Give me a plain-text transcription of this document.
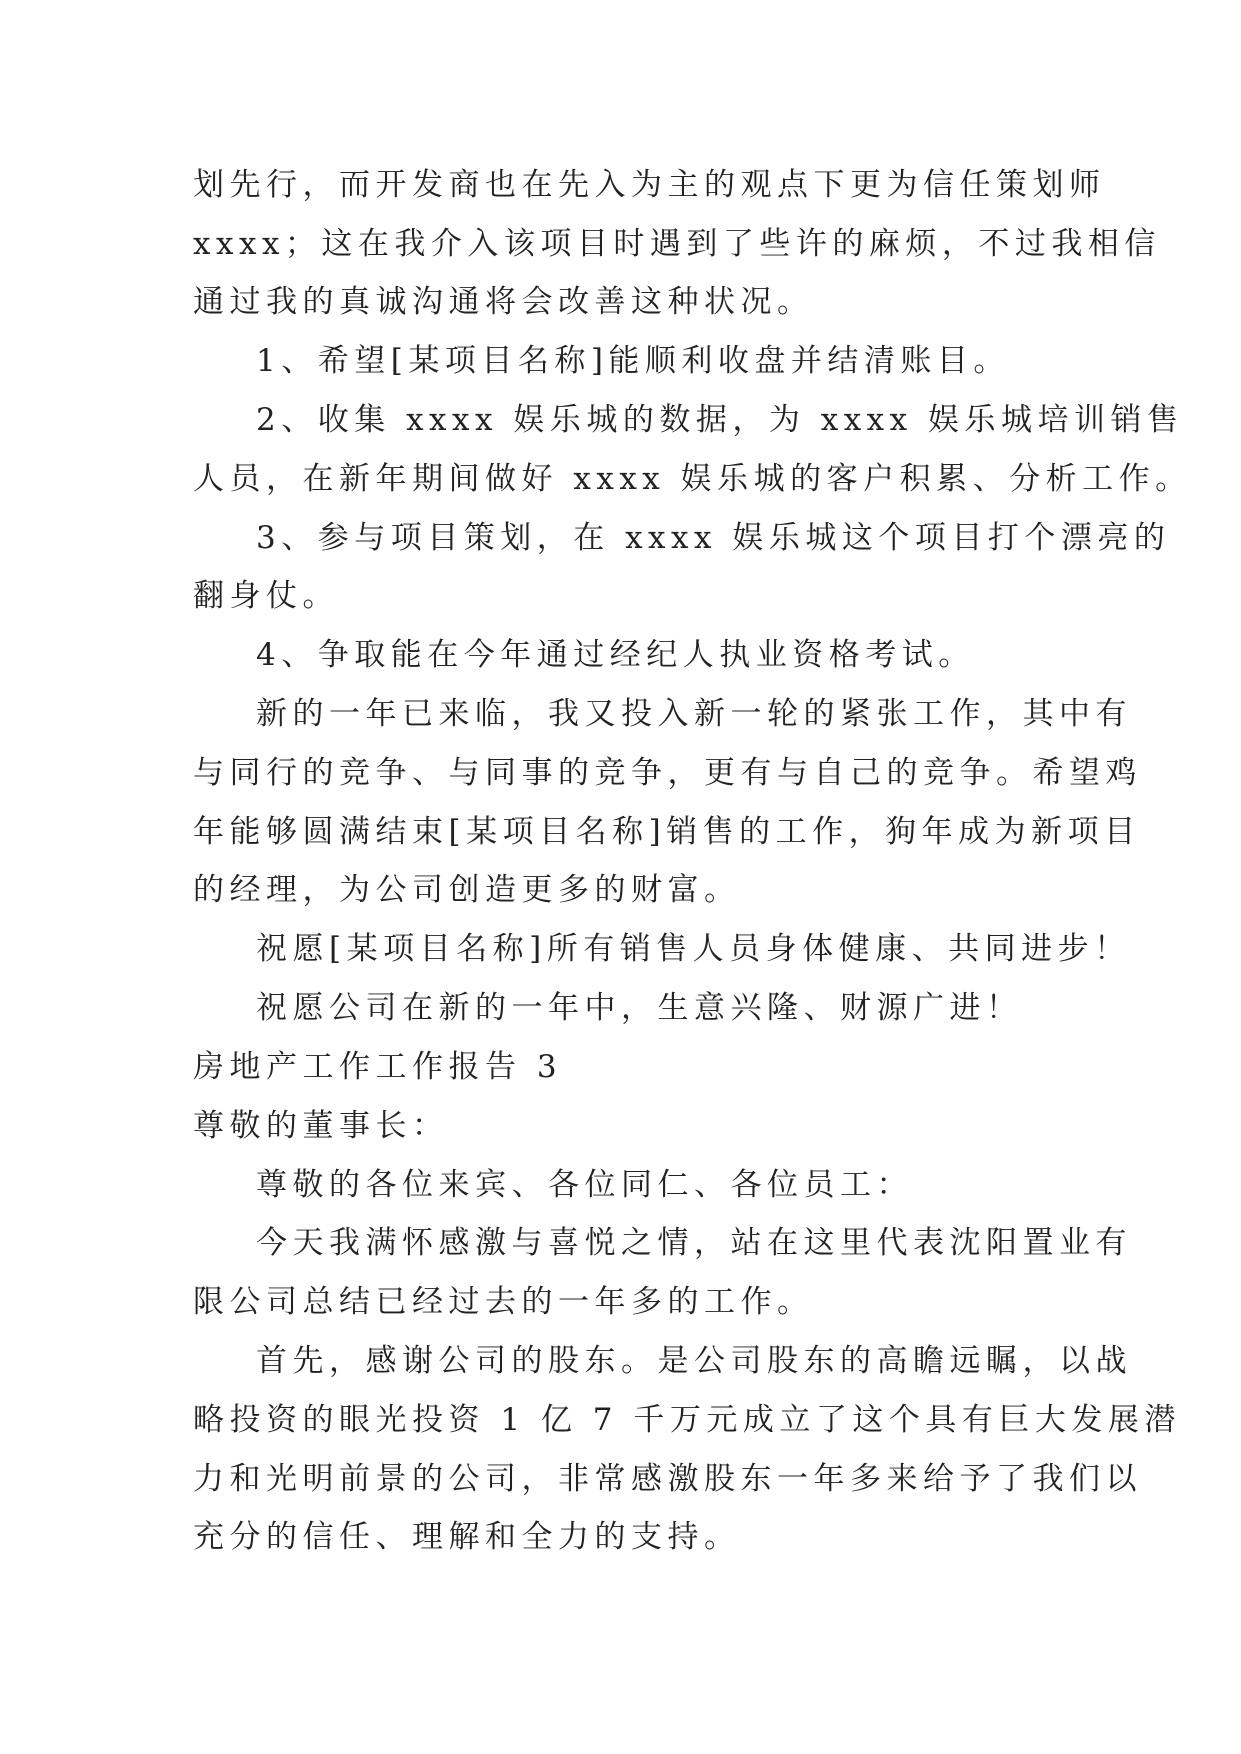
划先行，而开发商也在先入为主的观点下更为信任策划师
xxxx；这在我介入该项目时遇到了些许的麻烦，不过我相信
通过我的真诚沟通将会改善这种状况。
1、希望[某项目名称]能顺利收盘并结清账目。
2、收集 xxxx 娱乐城的数据，为 xxxx 娱乐城培训销售
人员，在新年期间做好 xxxx 娱乐城的客户积累、分析工作。
3、参与项目策划，在 xxxx 娱乐城这个项目打个漂亮的
翻身仗。
4、争取能在今年通过经纪人执业资格考试。
新的一年已来临，我又投入新一轮的紧张工作，其中有
与同行的竞争、与同事的竞争，更有与自己的竞争。希望鸡
年能够圆满结束[某项目名称]销售的工作，狗年成为新项目
的经理，为公司创造更多的财富。
祝愿[某项目名称]所有销售人员身体健康、共同进步！
祝愿公司在新的一年中，生意兴隆、财源广进！
房地产工作工作报告 3
尊敬的董事长：
尊敬的各位来宾、各位同仁、各位员工：
今天我满怀感激与喜悦之情，站在这里代表沈阳置业有
限公司总结已经过去的一年多的工作。
首先，感谢公司的股东。是公司股东的高瞻远瞩，以战
略投资的眼光投资 1 亿 7 千万元成立了这个具有巨大发展潜
力和光明前景的公司，非常感激股东一年多来给予了我们以
充分的信任、理解和全力的支持。
